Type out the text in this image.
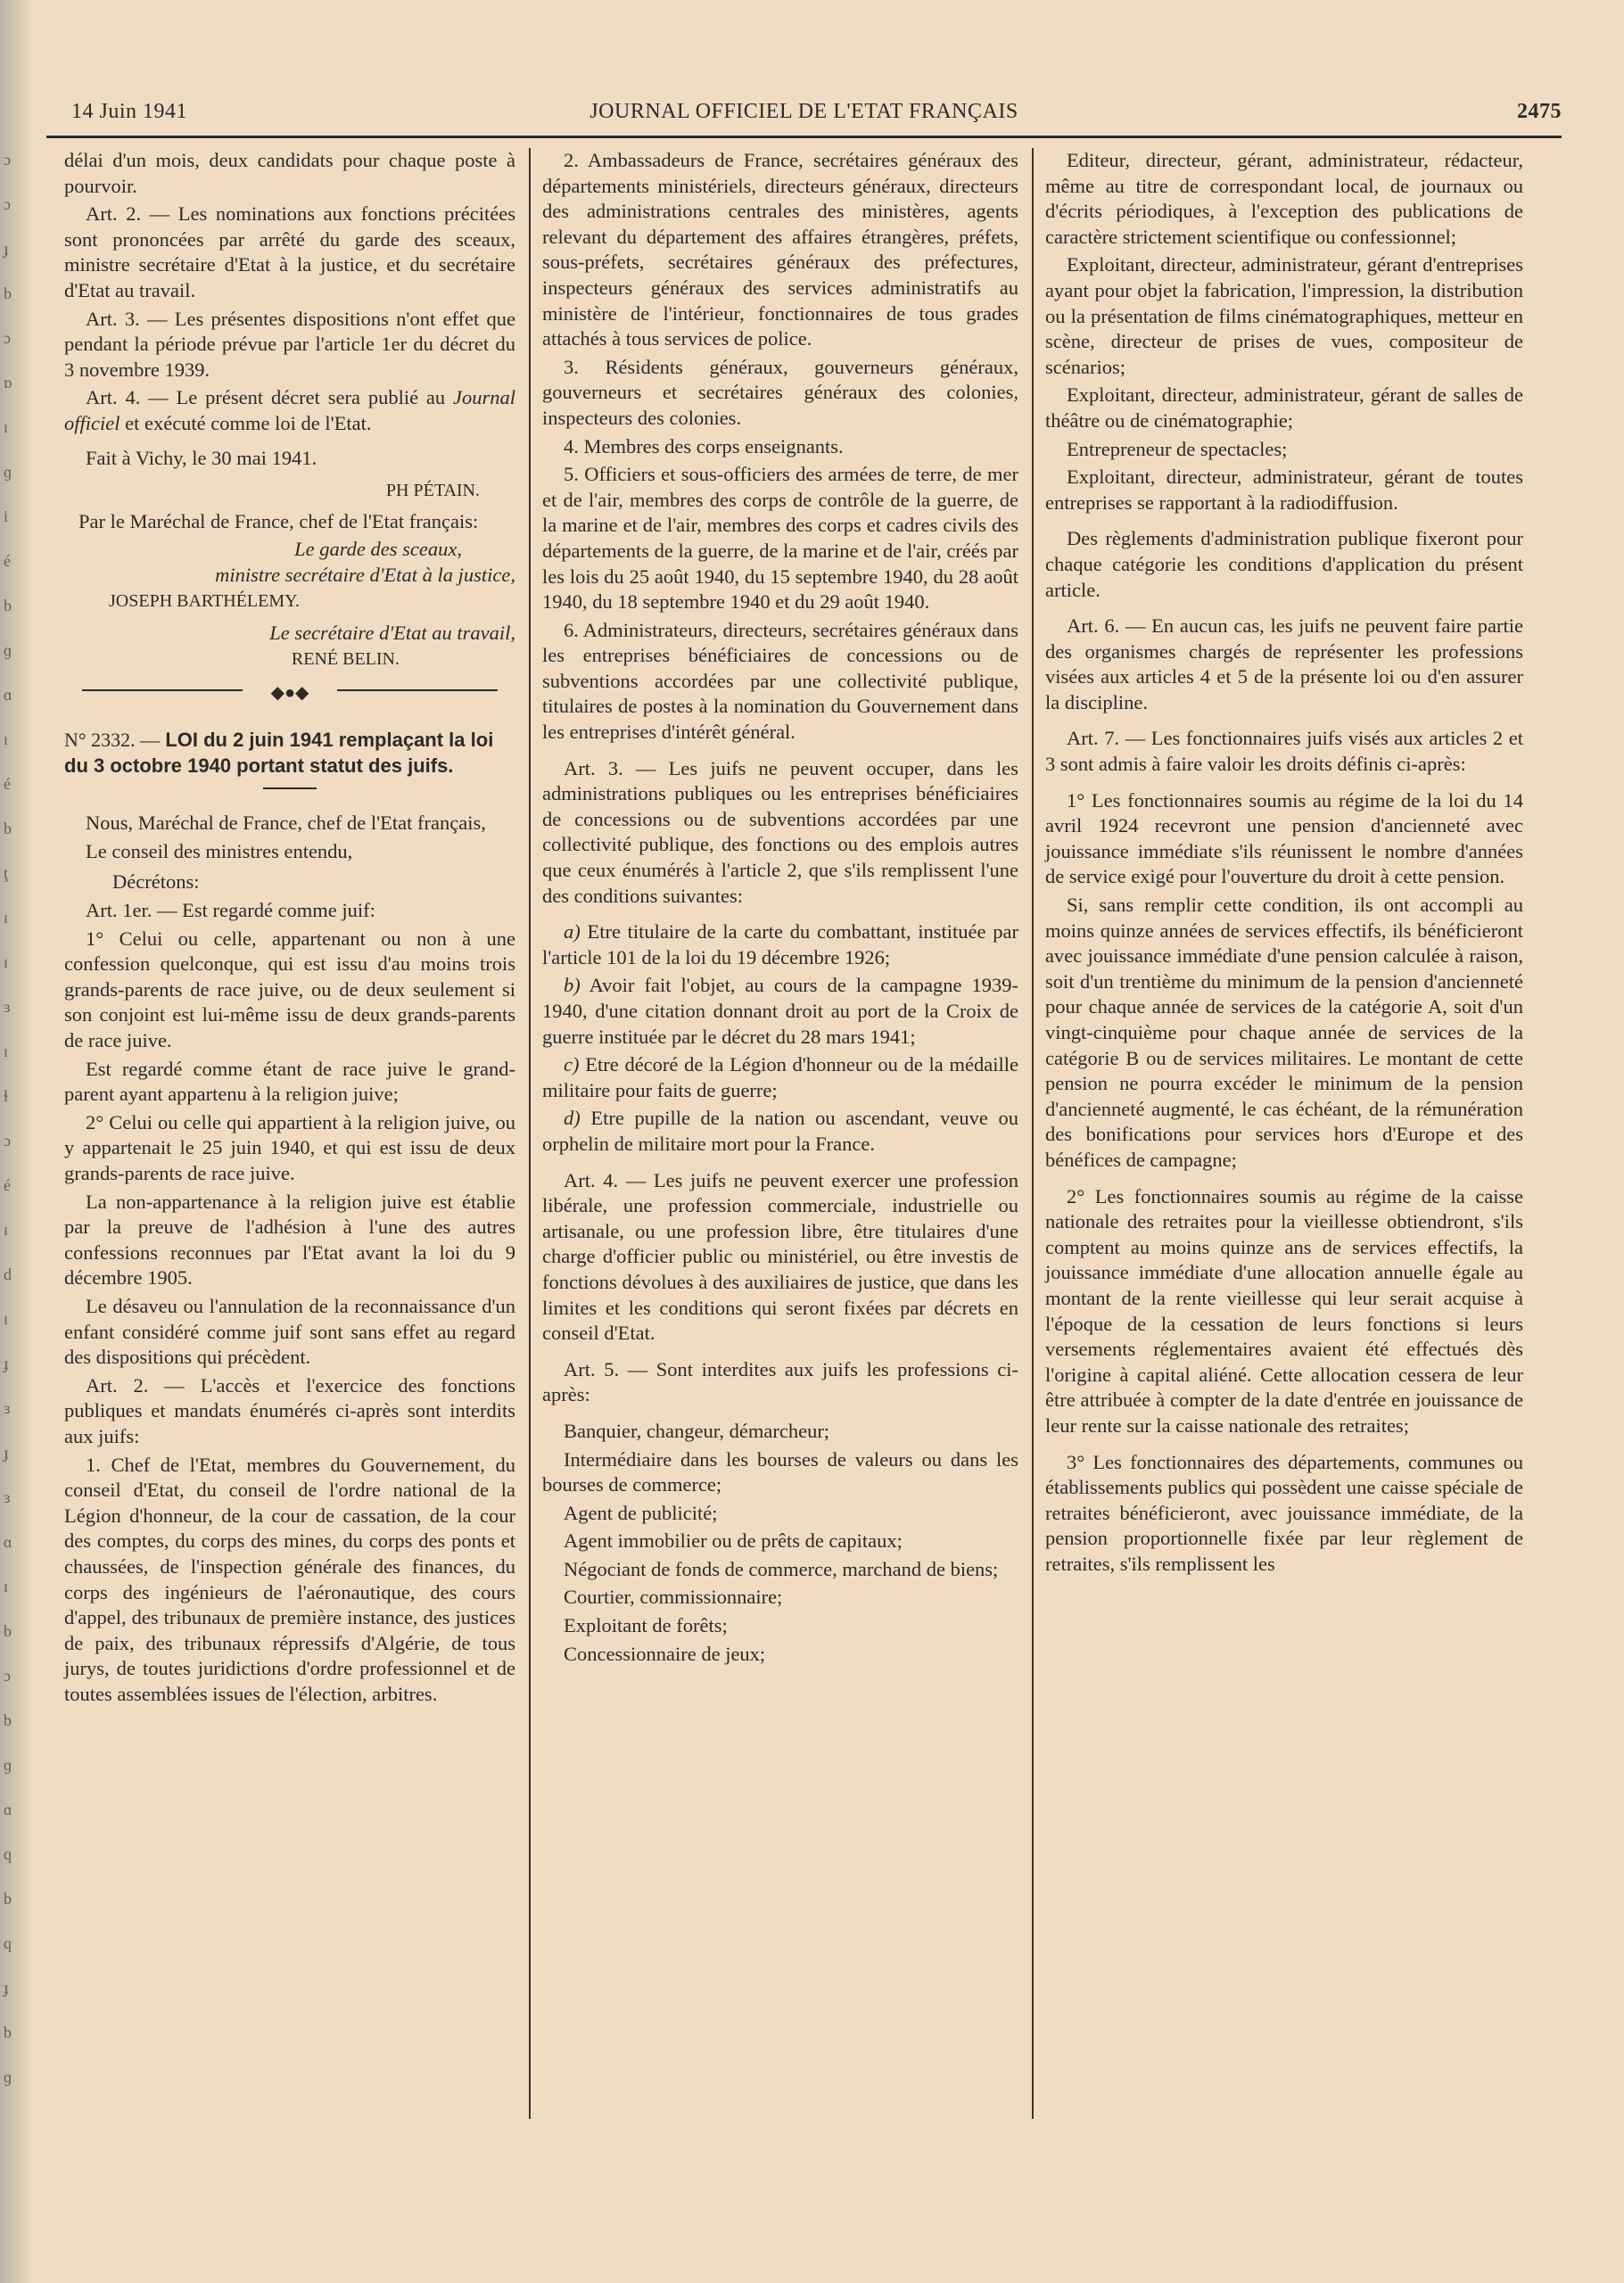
ɔ
ɔ
ɟ
b
ɔ
ɒ
ɪ
ɡ
i
é
b
ɡ
ɑ
ı
é
b
ţ
ɪ
ɪ
ɜ
ɪ
ɫ
ɔ
é
ɪ
d
ɪ
ɟ
ɜ
ɟ
ɜ
ɑ
ɪ
b
ɔ
b
ɡ
ɑ
q
b
q
ɟ
b
ɡ
14 Juin 1941	JOURNAL OFFICIEL DE L'ETAT FRANÇAIS	2475

délai d'un mois, deux candidats pour chaque poste à pourvoir.

Art. 2. — Les nominations aux fonctions précitées sont prononcées par arrêté du garde des sceaux, ministre secrétaire d'Etat à la justice, et du secrétaire d'Etat au travail.

Art. 3. — Les présentes dispositions n'ont effet que pendant la période prévue par l'article 1er du décret du 3 novembre 1939.

Art. 4. — Le présent décret sera publié au Journal officiel et exécuté comme loi de l'Etat.

Fait à Vichy, le 30 mai 1941.

PH PÉTAIN.

Par le Maréchal de France, chef de l'Etat français:

Le garde des sceaux,

ministre secrétaire d'Etat à la justice,

JOSEPH BARTHÉLEMY.

Le secrétaire d'Etat au travail,

RENÉ BELIN.

◆●◆

N° 2332. — LOI du 2 juin 1941 remplaçant la loi du 3 octobre 1940 portant statut des juifs.

Nous, Maréchal de France, chef de l'Etat français,

Le conseil des ministres entendu,

Décrétons:

Art. 1er. — Est regardé comme juif:

1° Celui ou celle, appartenant ou non à une confession quelconque, qui est issu d'au moins trois grands-parents de race juive, ou de deux seulement si son conjoint est lui-même issu de deux grands-parents de race juive.

Est regardé comme étant de race juive le grand-parent ayant appartenu à la religion juive;

2° Celui ou celle qui appartient à la religion juive, ou y appartenait le 25 juin 1940, et qui est issu de deux grands-parents de race juive.

La non-appartenance à la religion juive est établie par la preuve de l'adhésion à l'une des autres confessions reconnues par l'Etat avant la loi du 9 décembre 1905.

Le désaveu ou l'annulation de la reconnaissance d'un enfant considéré comme juif sont sans effet au regard des dispositions qui précèdent.

Art. 2. — L'accès et l'exercice des fonctions publiques et mandats énumérés ci-après sont interdits aux juifs:

1. Chef de l'Etat, membres du Gouvernement, du conseil d'Etat, du conseil de l'ordre national de la Légion d'honneur, de la cour de cassation, de la cour des comptes, du corps des mines, du corps des ponts et chaussées, de l'inspection générale des finances, du corps des ingénieurs de l'aéronautique, des cours d'appel, des tribunaux de première instance, des justices de paix, des tribunaux répressifs d'Algérie, de tous jurys, de toutes juridictions d'ordre professionnel et de toutes assemblées issues de l'élection, arbitres.

2. Ambassadeurs de France, secrétaires généraux des départements ministériels, directeurs généraux, directeurs des administrations centrales des ministères, agents relevant du département des affaires étrangères, préfets, sous-préfets, secrétaires généraux des préfectures, inspecteurs généraux des services administratifs au ministère de l'intérieur, fonctionnaires de tous grades attachés à tous services de police.

3. Résidents généraux, gouverneurs généraux, gouverneurs et secrétaires généraux des colonies, inspecteurs des colonies.

4. Membres des corps enseignants.

5. Officiers et sous-officiers des armées de terre, de mer et de l'air, membres des corps de contrôle de la guerre, de la marine et de l'air, membres des corps et cadres civils des départements de la guerre, de la marine et de l'air, créés par les lois du 25 août 1940, du 15 septembre 1940, du 28 août 1940, du 18 septembre 1940 et du 29 août 1940.

6. Administrateurs, directeurs, secrétaires généraux dans les entreprises bénéficiaires de concessions ou de subventions accordées par une collectivité publique, titulaires de postes à la nomination du Gouvernement dans les entreprises d'intérêt général.

Art. 3. — Les juifs ne peuvent occuper, dans les administrations publiques ou les entreprises bénéficiaires de concessions ou de subventions accordées par une collectivité publique, des fonctions ou des emplois autres que ceux énumérés à l'article 2, que s'ils remplissent l'une des conditions suivantes:

a) Etre titulaire de la carte du combattant, instituée par l'article 101 de la loi du 19 décembre 1926;

b) Avoir fait l'objet, au cours de la campagne 1939-1940, d'une citation donnant droit au port de la Croix de guerre instituée par le décret du 28 mars 1941;

c) Etre décoré de la Légion d'honneur ou de la médaille militaire pour faits de guerre;

d) Etre pupille de la nation ou ascendant, veuve ou orphelin de militaire mort pour la France.

Art. 4. — Les juifs ne peuvent exercer une profession libérale, une profession commerciale, industrielle ou artisanale, ou une profession libre, être titulaires d'une charge d'officier public ou ministériel, ou être investis de fonctions dévolues à des auxiliaires de justice, que dans les limites et les conditions qui seront fixées par décrets en conseil d'Etat.

Art. 5. — Sont interdites aux juifs les professions ci-après:

Banquier, changeur, démarcheur;

Intermédiaire dans les bourses de valeurs ou dans les bourses de commerce;

Agent de publicité;

Agent immobilier ou de prêts de capitaux;

Négociant de fonds de commerce, marchand de biens;

Courtier, commissionnaire;

Exploitant de forêts;

Concessionnaire de jeux;

Editeur, directeur, gérant, administrateur, rédacteur, même au titre de correspondant local, de journaux ou d'écrits périodiques, à l'exception des publications de caractère strictement scientifique ou confessionnel;

Exploitant, directeur, administrateur, gérant d'entreprises ayant pour objet la fabrication, l'impression, la distribution ou la présentation de films cinématographiques, metteur en scène, directeur de prises de vues, compositeur de scénarios;

Exploitant, directeur, administrateur, gérant de salles de théâtre ou de cinématographie;

Entrepreneur de spectacles;

Exploitant, directeur, administrateur, gérant de toutes entreprises se rapportant à la radiodiffusion.

Des règlements d'administration publique fixeront pour chaque catégorie les conditions d'application du présent article.

Art. 6. — En aucun cas, les juifs ne peuvent faire partie des organismes chargés de représenter les professions visées aux articles 4 et 5 de la présente loi ou d'en assurer la discipline.

Art. 7. — Les fonctionnaires juifs visés aux articles 2 et 3 sont admis à faire valoir les droits définis ci-après:

1° Les fonctionnaires soumis au régime de la loi du 14 avril 1924 recevront une pension d'ancienneté avec jouissance immédiate s'ils réunissent le nombre d'années de service exigé pour l'ouverture du droit à cette pension.

Si, sans remplir cette condition, ils ont accompli au moins quinze années de services effectifs, ils bénéficieront avec jouissance immédiate d'une pension calculée à raison, soit d'un trentième du minimum de la pension d'ancienneté pour chaque année de services de la catégorie A, soit d'un vingt-cinquième pour chaque année de services de la catégorie B ou de services militaires. Le montant de cette pension ne pourra excéder le minimum de la pension d'ancienneté augmenté, le cas échéant, de la rémunération des bonifications pour services hors d'Europe et des bénéfices de campagne;

2° Les fonctionnaires soumis au régime de la caisse nationale des retraites pour la vieillesse obtiendront, s'ils comptent au moins quinze ans de services effectifs, la jouissance immédiate d'une allocation annuelle égale au montant de la rente vieillesse qui leur serait acquise à l'époque de la cessation de leurs fonctions si leurs versements réglementaires avaient été effectués dès l'origine à capital aliéné. Cette allocation cessera de leur être attribuée à compter de la date d'entrée en jouissance de leur rente sur la caisse nationale des retraites;

3° Les fonctionnaires des départements, communes ou établissements publics qui possèdent une caisse spéciale de retraites bénéficieront, avec jouissance immédiate, de la pension proportionnelle fixée par leur règlement de retraites, s'ils remplissent les
